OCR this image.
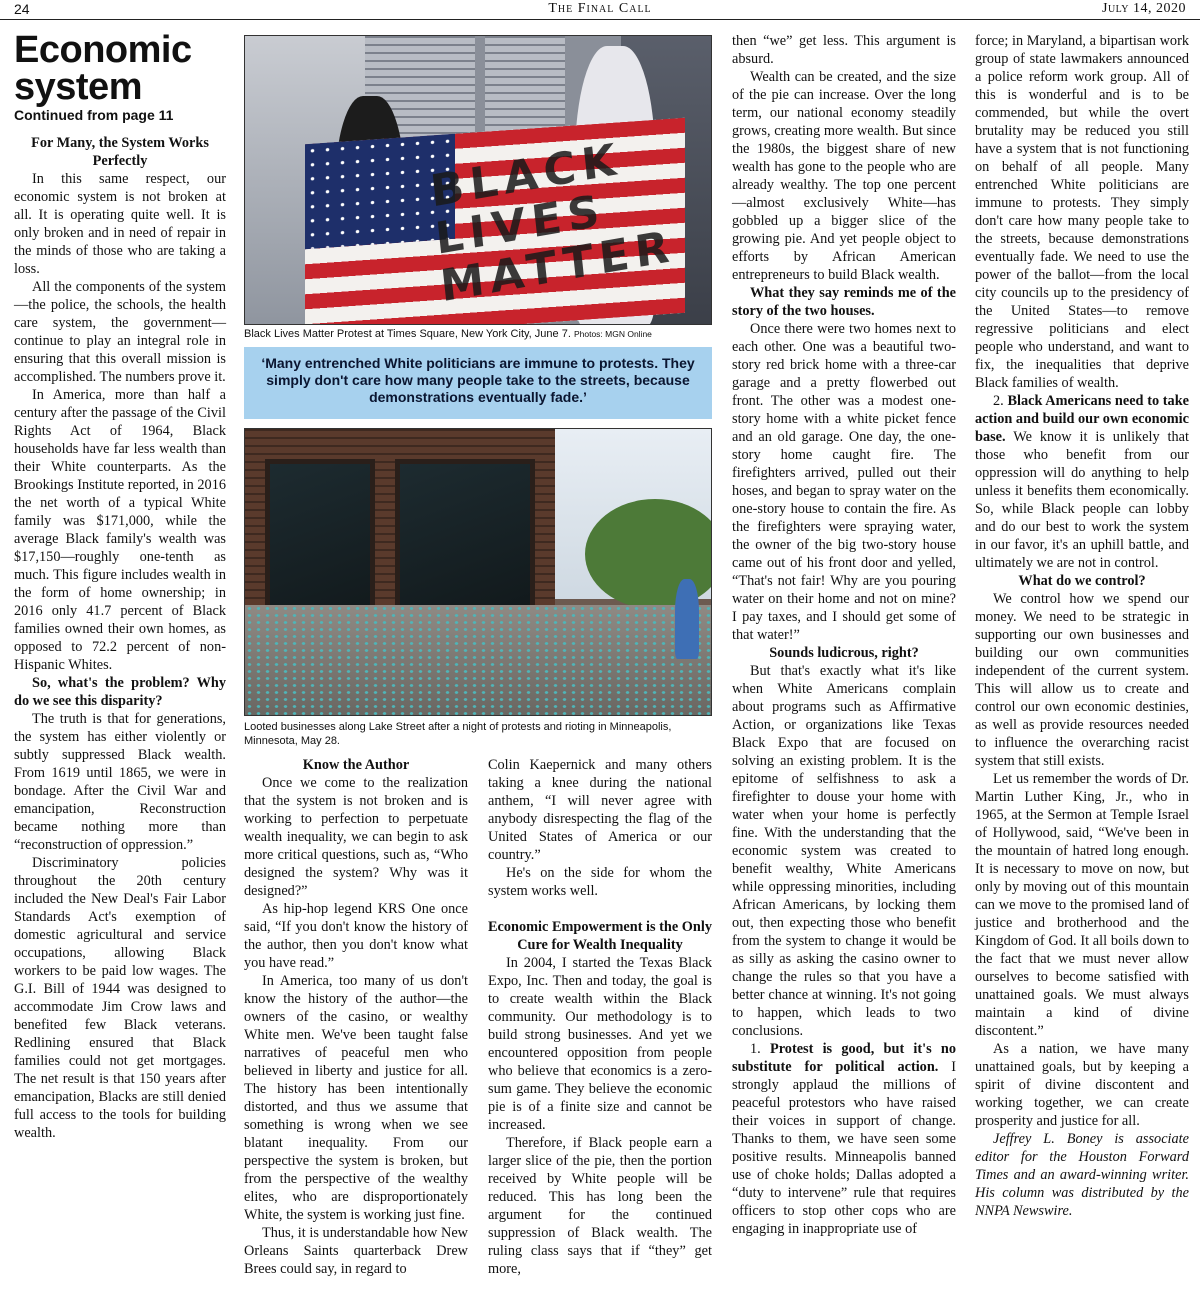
24	The Final Call	July 14, 2020
Economic system
Continued from page 11
For Many, the System Works Perfectly

In this same respect, our economic system is not broken at all. It is operating quite well. It is only broken and in need of repair in the minds of those who are taking a loss.

All the components of the system—the police, the schools, the health care system, the government—continue to play an integral role in ensuring that this overall mission is accomplished. The numbers prove it.

In America, more than half a century after the passage of the Civil Rights Act of 1964, Black households have far less wealth than their White counterparts. As the Brookings Institute reported, in 2016 the net worth of a typical White family was $171,000, while the average Black family's wealth was $17,150—roughly one-tenth as much. This figure includes wealth in the form of home ownership; in 2016 only 41.7 percent of Black families owned their own homes, as opposed to 72.2 percent of non-Hispanic Whites.

So, what's the problem? Why do we see this disparity?

The truth is that for generations, the system has either violently or subtly suppressed Black wealth. From 1619 until 1865, we were in bondage. After the Civil War and emancipation, Reconstruction became nothing more than “reconstruction of oppression.”

Discriminatory policies throughout the 20th century included the New Deal's Fair Labor Standards Act's exemption of domestic agricultural and service occupations, allowing Black workers to be paid low wages. The G.I. Bill of 1944 was designed to accommodate Jim Crow laws and benefited few Black veterans. Redlining ensured that Black families could not get mortgages. The net result is that 150 years after emancipation, Blacks are still denied full access to the tools for building wealth.

BLACK LIVES MATTER
Black Lives Matter Protest at Times Square, New York City, June 7. Photos: MGN Online
‘Many entrenched White politicians are immune to protests. They simply don't care how many people take to the streets, because demonstrations eventually fade.’
Looted businesses along Lake Street after a night of protests and rioting in Minneapolis, Minnesota, May 28.
Know the Author

Once we come to the realization that the system is not broken and is working to perfection to perpetuate wealth inequality, we can begin to ask more critical questions, such as, “Who designed the system? Why was it designed?”

As hip-hop legend KRS One once said, “If you don't know the history of the author, then you don't know what you have read.”

In America, too many of us don't know the history of the author—the owners of the casino, or wealthy White men. We've been taught false narratives of peaceful men who believed in liberty and justice for all. The history has been intentionally distorted, and thus we assume that something is wrong when we see blatant inequality. From our perspective the system is broken, but from the perspective of the wealthy elites, who are disproportionately White, the system is working just fine.

Thus, it is understandable how New Orleans Saints quarterback Drew Brees could say, in regard to

Colin Kaepernick and many others taking a knee during the national anthem, “I will never agree with anybody disrespecting the flag of the United States of America or our country.”

He's on the side for whom the system works well.

Economic Empowerment is the Only Cure for Wealth Inequality

In 2004, I started the Texas Black Expo, Inc. Then and today, the goal is to create wealth within the Black community. Our methodology is to build strong businesses. And yet we encountered opposition from people who believe that economics is a zero-sum game. They believe the economic pie is of a finite size and cannot be increased.

Therefore, if Black people earn a larger slice of the pie, then the portion received by White people will be reduced. This has long been the argument for the continued suppression of Black wealth. The ruling class says that if “they” get more,

then “we” get less. This argument is absurd.

Wealth can be created, and the size of the pie can increase. Over the long term, our national economy steadily grows, creating more wealth. But since the 1980s, the biggest share of new wealth has gone to the people who are already wealthy. The top one percent—almost exclusively White—has gobbled up a bigger slice of the growing pie. And yet people object to efforts by African American entrepreneurs to build Black wealth.

What they say reminds me of the story of the two houses.

Once there were two homes next to each other. One was a beautiful two-story red brick home with a three-car garage and a pretty flowerbed out front. The other was a modest one-story home with a white picket fence and an old garage. One day, the one-story home caught fire. The firefighters arrived, pulled out their hoses, and began to spray water on the one-story house to contain the fire. As the firefighters were spraying water, the owner of the big two-story house came out of his front door and yelled, “That's not fair! Why are you pouring water on their home and not on mine? I pay taxes, and I should get some of that water!”

Sounds ludicrous, right?

But that's exactly what it's like when White Americans complain about programs such as Affirmative Action, or organizations like Texas Black Expo that are focused on solving an existing problem. It is the epitome of selfishness to ask a firefighter to douse your home with water when your home is perfectly fine. With the understanding that the economic system was created to benefit wealthy, White Americans while oppressing minorities, including African Americans, by locking them out, then expecting those who benefit from the system to change it would be as silly as asking the casino owner to change the rules so that you have a better chance at winning. It's not going to happen, which leads to two conclusions.

1. Protest is good, but it's no substitute for political action. I strongly applaud the millions of peaceful protestors who have raised their voices in support of change. Thanks to them, we have seen some positive results. Minneapolis banned use of choke holds; Dallas adopted a “duty to intervene” rule that requires officers to stop other cops who are engaging in inappropriate use of

force; in Maryland, a bipartisan work group of state lawmakers announced a police reform work group. All of this is wonderful and is to be commended, but while the overt brutality may be reduced you still have a system that is not functioning on behalf of all people. Many entrenched White politicians are immune to protests. They simply don't care how many people take to the streets, because demonstrations eventually fade. We need to use the power of the ballot—from the local city councils up to the presidency of the United States—to remove regressive politicians and elect people who understand, and want to fix, the inequalities that deprive Black families of wealth.

2. Black Americans need to take action and build our own economic base. We know it is unlikely that those who benefit from our oppression will do anything to help unless it benefits them economically. So, while Black people can lobby and do our best to work the system in our favor, it's an uphill battle, and ultimately we are not in control.

What do we control?

We control how we spend our money. We need to be strategic in supporting our own businesses and building our own communities independent of the current system. This will allow us to create and control our own economic destinies, as well as provide resources needed to influence the overarching racist system that still exists.

Let us remember the words of Dr. Martin Luther King, Jr., who in 1965, at the Sermon at Temple Israel of Hollywood, said, “We've been in the mountain of hatred long enough. It is necessary to move on now, but only by moving out of this mountain can we move to the promised land of justice and brotherhood and the Kingdom of God. It all boils down to the fact that we must never allow ourselves to become satisfied with unattained goals. We must always maintain a kind of divine discontent.”

As a nation, we have many unattained goals, but by keeping a spirit of divine discontent and working together, we can create prosperity and justice for all.

Jeffrey L. Boney is associate editor for the Houston Forward Times and an award-winning writer. His column was distributed by the NNPA Newswire.
